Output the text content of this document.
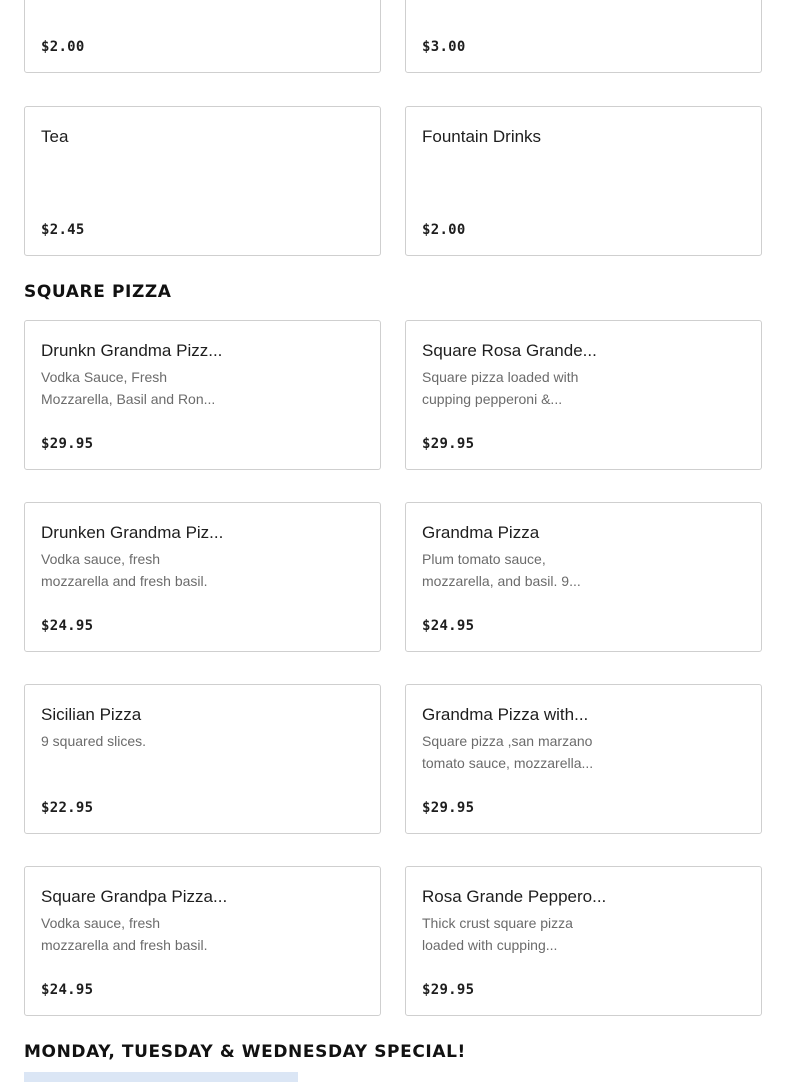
$2.00	$3.00
Tea
$2.45
Fountain Drinks
$2.00
SQUARE PIZZA
Drunkn Grandma Pizz...
Vodka Sauce, Fresh Mozzarella, Basil and Ron...
$29.95
Square Rosa Grande...
Square pizza loaded with cupping pepperoni &...
$29.95
Drunken Grandma Piz...
Vodka sauce, fresh mozzarella and fresh basil.
$24.95
Grandma Pizza
Plum tomato sauce, mozzarella, and basil. 9...
$24.95
Sicilian Pizza
9 squared slices.
$22.95
Grandma Pizza with...
Square pizza ,san marzano tomato sauce, mozzarella...
$29.95
Square Grandpa Pizza...
Vodka sauce, fresh mozzarella and fresh basil.
$24.95
Rosa Grande Peppero...
Thick crust square pizza loaded with cupping...
$29.95
MONDAY, TUESDAY & WEDNESDAY SPECIAL!
